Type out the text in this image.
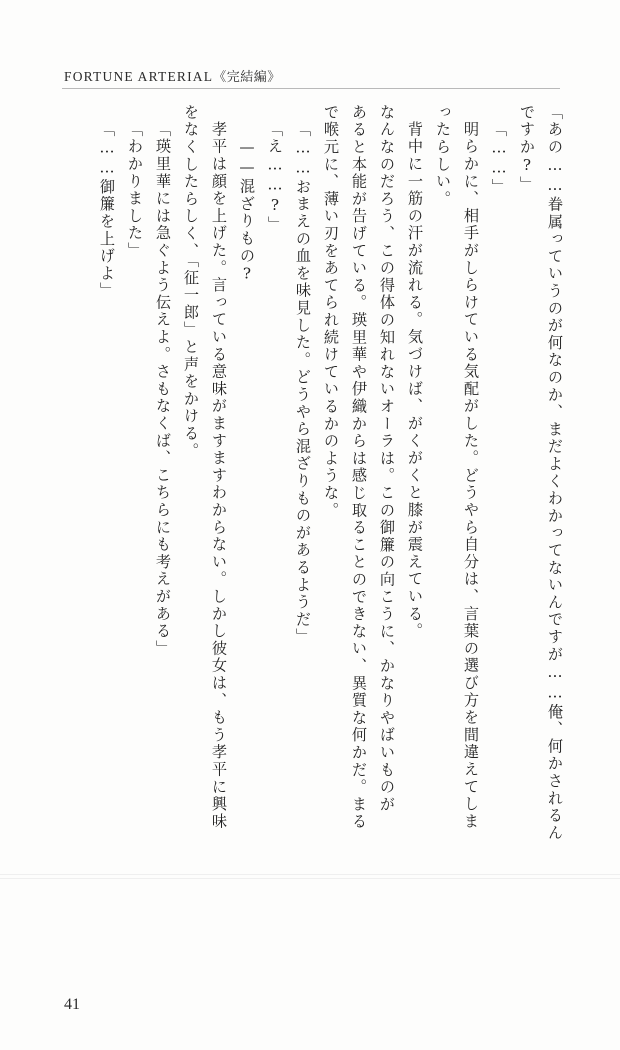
FORTUNE ARTERIAL《完結編》
「あの……眷属っていうのが何なのか、まだよくわかってないんですが……俺、何かされるん
ですか?」
「……」
明らかに、相手がしらけている気配がした。どうやら自分は、言葉の選び方を間違えてしま
ったらしい。
背中に一筋の汗が流れる。気づけば、がくがくと膝が震えている。
なんなのだろう、この得体の知れないオーラは。この御簾の向こうに、かなりやばいものが
あると本能が告げている。瑛里華や伊織からは感じ取ることのできない、異質な何かだ。まる
で喉元に、薄い刃をあてられ続けているかのような。
「……おまえの血を味見した。どうやら混ざりものがあるようだ」
「え……?」
——混ざりもの?
孝平は顔を上げた。言っている意味がますますわからない。しかし彼女は、もう孝平に興味
をなくしたらしく、「征一郎」と声をかける。
「瑛里華には急ぐよう伝えよ。さもなくば、こちらにも考えがある」
「わかりました」
「……御簾を上げよ」
41
